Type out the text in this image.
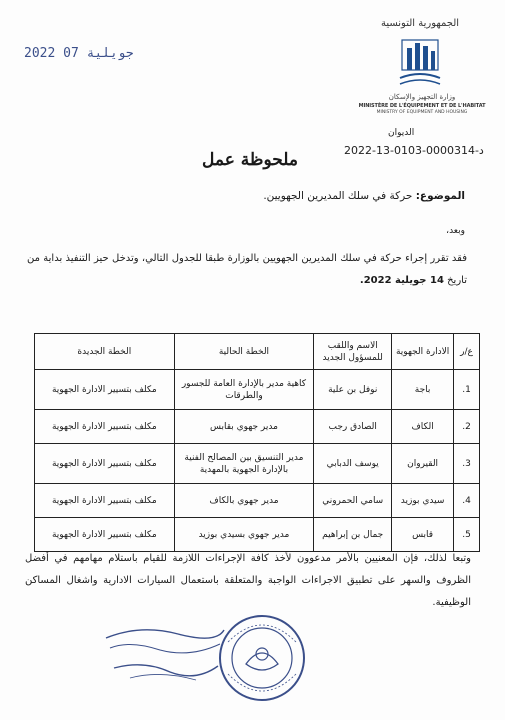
الجمهورية التونسية
وزارة التجهيز والإسكان
MINISTÈRE DE L'ÉQUIPEMENT ET DE L'HABITAT
MINISTRY OF EQUIPMENT AND HOUSING
2022 جويلية 07
الديوان
د-0000314-0103-13-2022
ملحوظة عمل
الموضوع: حركة في سلك المديرين الجهويين.
وبعد،
فقد تقرر إجراء حركة في سلك المديرين الجهويين بالوزارة طبقا للجدول التالي، وتدخل حيز التنفيذ بداية من تاريخ 14 جويلية 2022.
ع/ر	الادارة الجهوية	الاسم واللقب للمسؤول الجديد	الخطة الحالية	الخطة الجديدة
1.	باجة	نوفل بن علية	كاهية مدير بالإدارة العامة للجسور والطرقات	مكلف بتسيير الادارة الجهوية
2.	الكاف	الصادق رجب	مدير جهوي بقابس	مكلف بتسيير الادارة الجهوية
3.	القيروان	يوسف الدبابي	مدير التنسيق بين المصالح الفنية بالإدارة الجهوية بالمهدية	مكلف بتسيير الادارة الجهوية
4.	سيدي بوزيد	سامي الحمروني	مدير جهوي بالكاف	مكلف بتسيير الادارة الجهوية
5.	قابس	جمال بن إبراهيم	مدير جهوي بسيدي بوزيد	مكلف بتسيير الادارة الجهوية
وتبعا لذلك، فإن المعنيين بالأمر مدعوون لأخذ كافة الإجراءات اللازمة للقيام باستلام مهامهم في أفضل الظروف والسهر على تطبيق الاجراءات الواجبة والمتعلقة باستعمال السيارات الادارية واشغال المساكن الوظيفية.
